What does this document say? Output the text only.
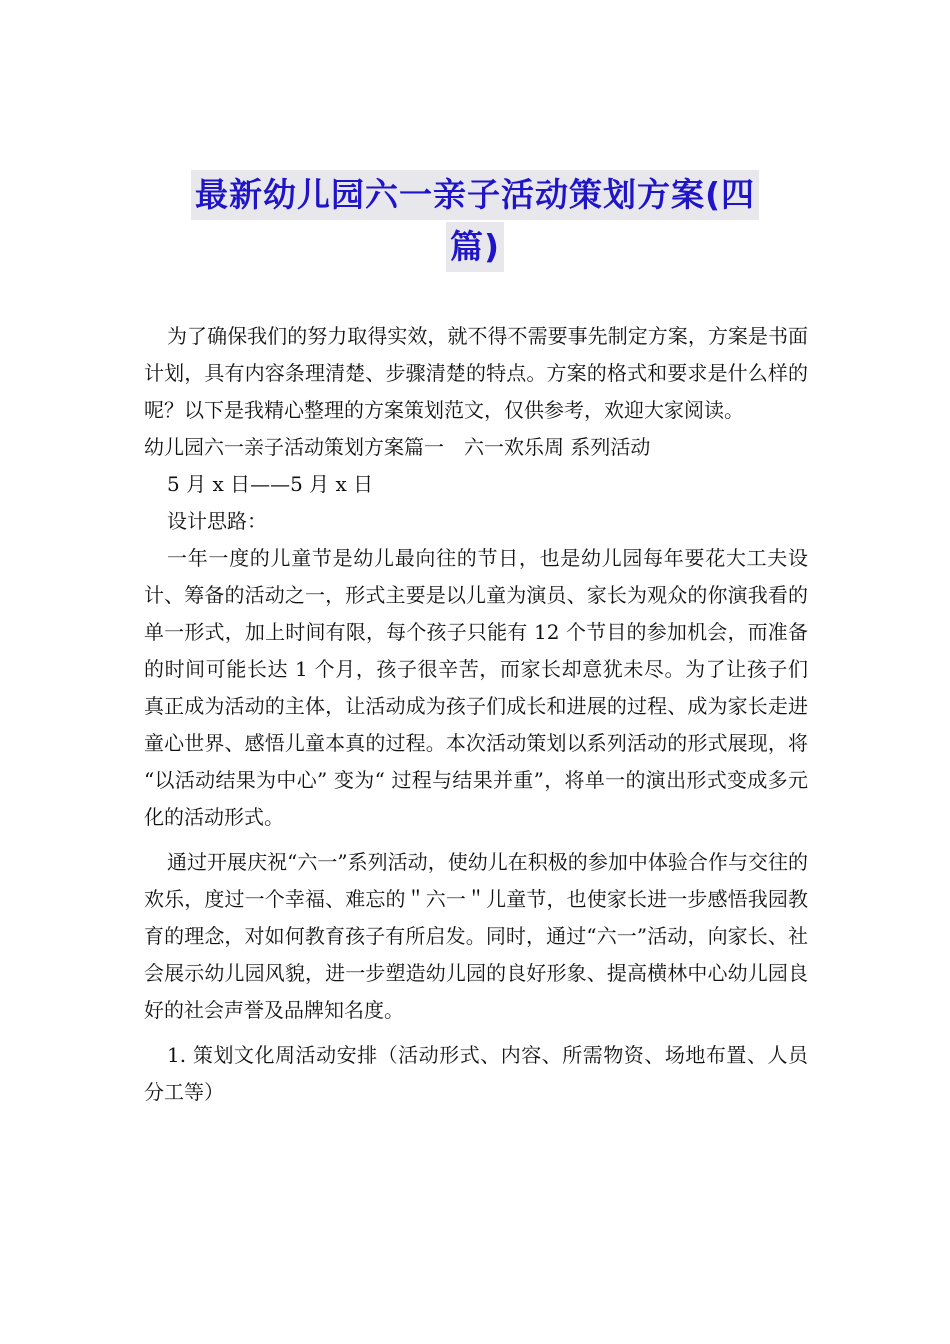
最新幼儿园六一亲子活动策划方案(四
篇)

为了确保我们的努力取得实效，就不得不需要事先制定方案，方案是书面计划，具有内容条理清楚、步骤清楚的特点。方案的格式和要求是什么样的呢？以下是我精心整理的方案策划范文，仅供参考，欢迎大家阅读。

幼儿园六一亲子活动策划方案篇一　六一欢乐周 系列活动

5 月 x 日——5 月 x 日

设计思路：

一年一度的儿童节是幼儿最向往的节日，也是幼儿园每年要花大工夫设计、筹备的活动之一，形式主要是以儿童为演员、家长为观众的你演我看的单一形式，加上时间有限，每个孩子只能有 12 个节目的参加机会，而准备的时间可能长达 1 个月，孩子很辛苦，而家长却意犹未尽。为了让孩子们真正成为活动的主体，让活动成为孩子们成长和进展的过程、成为家长走进童心世界、感悟儿童本真的过程。本次活动策划以系列活动的形式展现，将 “以活动结果为中心” 变为“ 过程与结果并重”，将单一的演出形式变成多元化的活动形式。

通过开展庆祝“六一”系列活动，使幼儿在积极的参加中体验合作与交往的欢乐，度过一个幸福、难忘的＂六一＂儿童节，也使家长进一步感悟我园教育的理念，对如何教育孩子有所启发。同时，通过“六一”活动，向家长、社会展示幼儿园风貌，进一步塑造幼儿园的良好形象、提高横林中心幼儿园良好的社会声誉及品牌知名度。

1. 策划文化周活动安排（活动形式、内容、所需物资、场地布置、人员分工等）
